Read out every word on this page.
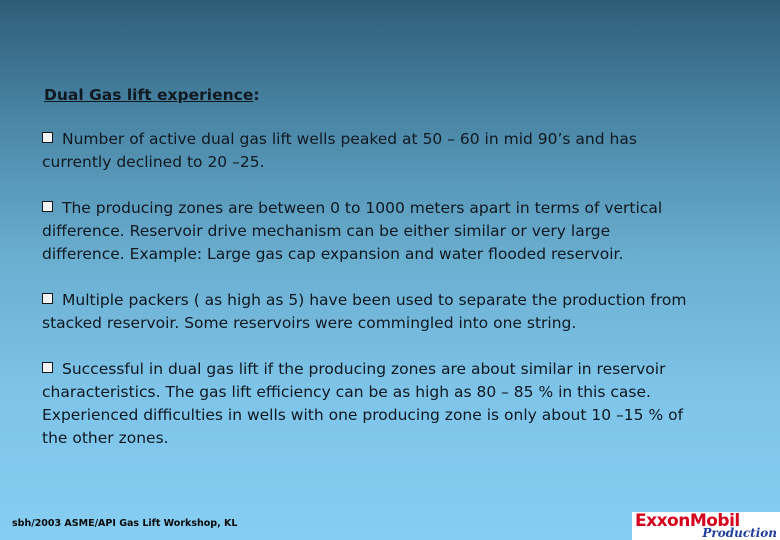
Dual Gas lift experience:
Number of active dual gas lift wells peaked at 50 – 60 in mid 90’s and has
currently declined to 20 –25.
The producing zones are between 0 to 1000 meters apart in terms of vertical
difference. Reservoir drive mechanism can be either similar or very large
difference. Example: Large gas cap expansion and water flooded reservoir.
Multiple packers ( as high as 5) have been used to separate the production from
stacked reservoir. Some reservoirs were commingled into one string.
Successful in dual gas lift if the producing zones are about similar in reservoir
characteristics. The gas lift efficiency can be as high as 80 – 85 % in this case.
Experienced difficulties in wells with one producing zone is only about 10 –15 % of
the other zones.
sbh/2003 ASME/API Gas Lift Workshop, KL	ExxonMobil
Production
